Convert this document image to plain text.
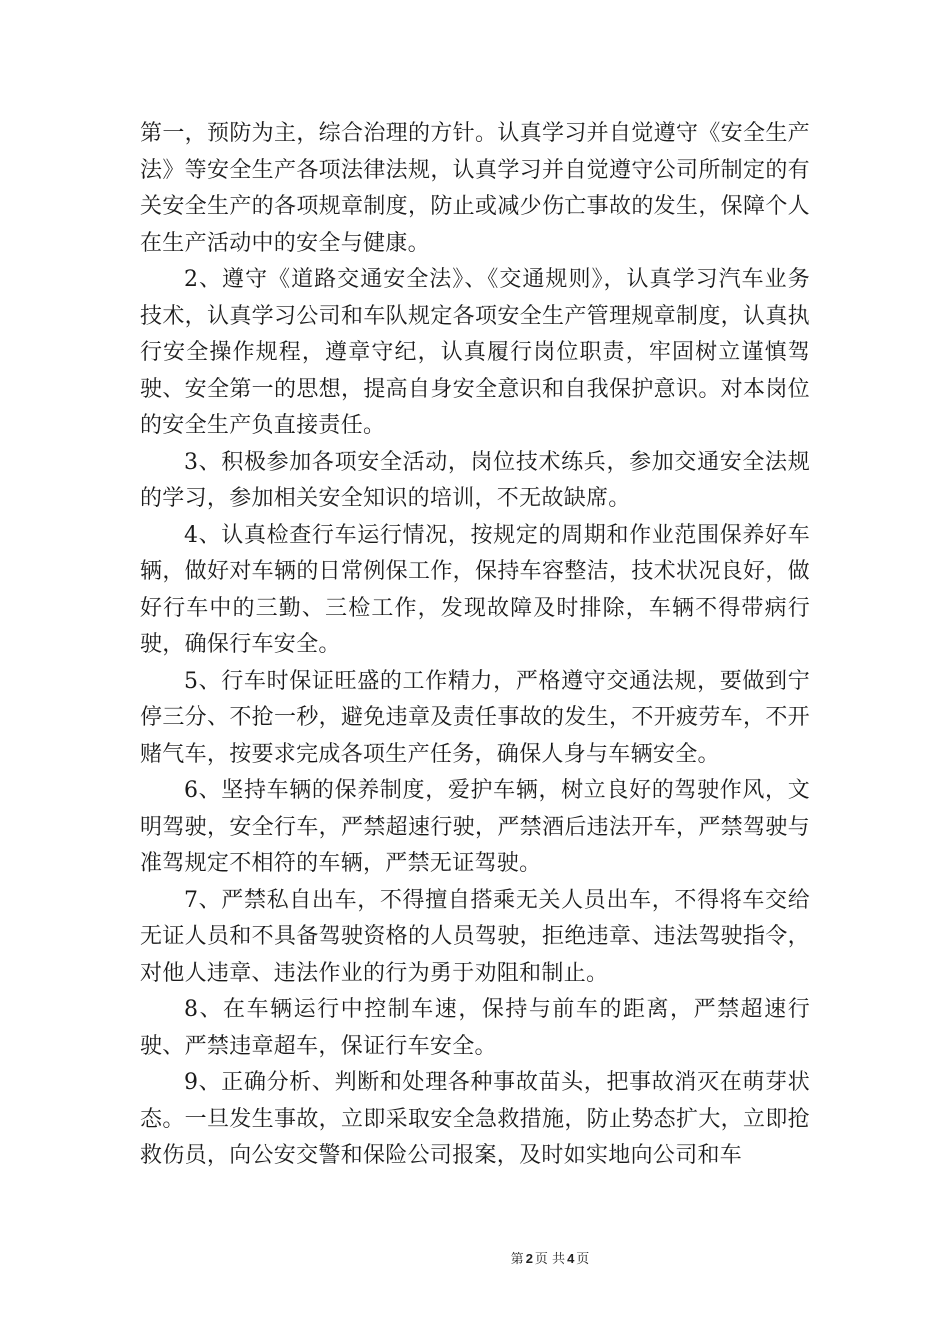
第一，预防为主，综合治理的方针。认真学习并自觉遵守《安全生产法》等安全生产各项法律法规，认真学习并自觉遵守公司所制定的有关安全生产的各项规章制度，防止或减少伤亡事故的发生，保障个人在生产活动中的安全与健康。

2、遵守《道路交通安全法》、《交通规则》，认真学习汽车业务技术，认真学习公司和车队规定各项安全生产管理规章制度，认真执行安全操作规程，遵章守纪，认真履行岗位职责，牢固树立谨慎驾驶、安全第一的思想，提高自身安全意识和自我保护意识。对本岗位的安全生产负直接责任。

3、积极参加各项安全活动，岗位技术练兵，参加交通安全法规的学习，参加相关安全知识的培训，不无故缺席。

4、认真检查行车运行情况，按规定的周期和作业范围保养好车辆，做好对车辆的日常例保工作，保持车容整洁，技术状况良好，做好行车中的三勤、三检工作，发现故障及时排除，车辆不得带病行驶，确保行车安全。

5、行车时保证旺盛的工作精力，严格遵守交通法规，要做到宁停三分、不抢一秒，避免违章及责任事故的发生，不开疲劳车，不开赌气车，按要求完成各项生产任务，确保人身与车辆安全。

6、坚持车辆的保养制度，爱护车辆，树立良好的驾驶作风，文明驾驶，安全行车，严禁超速行驶，严禁酒后违法开车，严禁驾驶与准驾规定不相符的车辆，严禁无证驾驶。

7、严禁私自出车，不得擅自搭乘无关人员出车，不得将车交给无证人员和不具备驾驶资格的人员驾驶，拒绝违章、违法驾驶指令，对他人违章、违法作业的行为勇于劝阻和制止。

8、在车辆运行中控制车速，保持与前车的距离，严禁超速行驶、严禁违章超车，保证行车安全。

9、正确分析、判断和处理各种事故苗头，把事故消灭在萌芽状态。一旦发生事故，立即采取安全急救措施，防止势态扩大，立即抢救伤员，向公安交警和保险公司报案，及时如实地向公司和车

第 2 页 共 4 页
